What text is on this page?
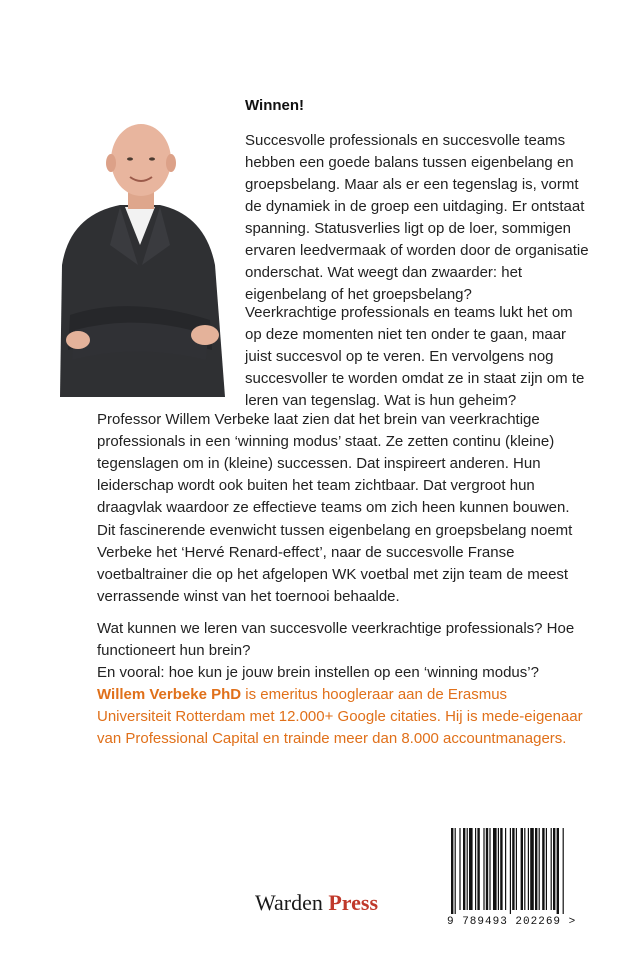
Winnen!

Succesvolle professionals en succesvolle teams hebben een goede balans tussen eigenbelang en groepsbelang. Maar als er een tegenslag is, vormt de dynamiek in de groep een uitdaging. Er ontstaat spanning. Statusverlies ligt op de loer, sommigen ervaren leedvermaak of worden door de organisatie onderschat. Wat weegt dan zwaarder: het eigenbelang of het groepsbelang?

Veerkrachtige professionals en teams lukt het om op deze momenten niet ten onder te gaan, maar juist succesvol op te veren. En vervolgens nog succesvoller te worden omdat ze in staat zijn om te leren van tegenslag. Wat is hun geheim?

Professor Willem Verbeke laat zien dat het brein van veerkrachtige professionals in een ‘winning modus’ staat. Ze zetten continu (kleine) tegenslagen om in (kleine) successen. Dat inspireert anderen. Hun leiderschap wordt ook buiten het team zichtbaar. Dat vergroot hun draagvlak waardoor ze effectieve teams om zich heen kunnen bouwen.

Dit fascinerende evenwicht tussen eigenbelang en groepsbelang noemt Verbeke het ‘Hervé Renard-effect’, naar de succesvolle Franse voetbaltrainer die op het afgelopen WK voetbal met zijn team de meest verrassende winst van het toernooi behaalde.

Wat kunnen we leren van succesvolle veerkrachtige professionals? Hoe functioneert hun brein?
En vooral: hoe kun je jouw brein instellen op een ‘winning modus’?

Willem Verbeke PhD is emeritus hoogleraar aan de Erasmus Universiteit Rotterdam met 12.000+ Google citaties. Hij is mede-eigenaar van Professional Capital en trainde meer dan 8.000 accountmanagers.

Warden Press
9 789493 202269 >
